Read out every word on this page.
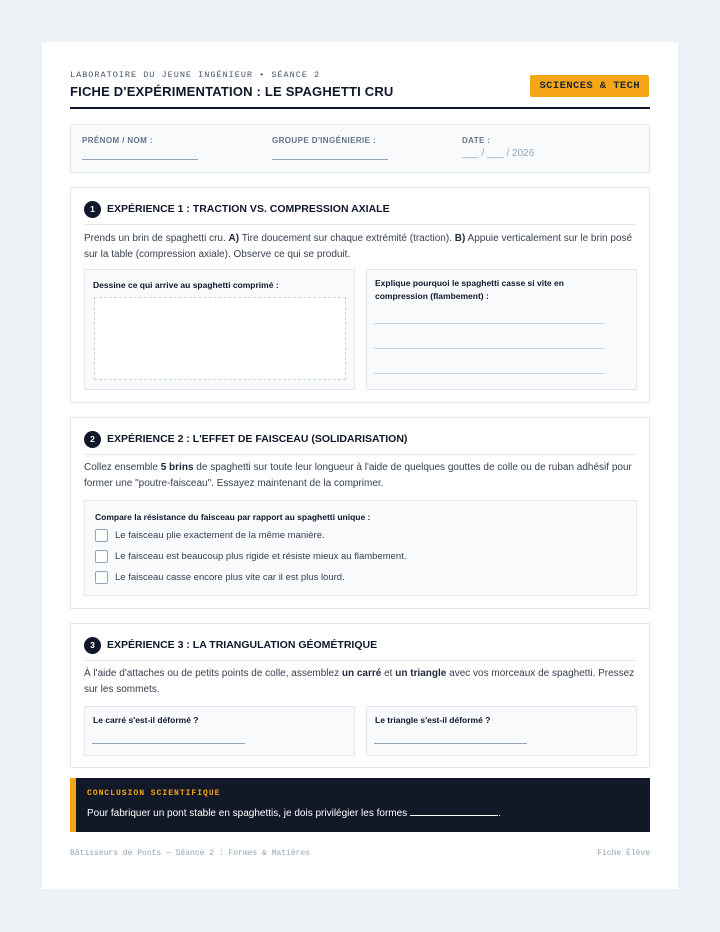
LABORATOIRE DU JEUNE INGÉNIEUR • SÉANCE 2
FICHE D'EXPÉRIMENTATION : LE SPAGHETTI CRU	SCIENCES & TECH
PRÉNOM / NOM :	GROUPE D'INGÉNIERIE :	DATE :
___ / ___ / 2026
1	EXPÉRIENCE 1 : TRACTION VS. COMPRESSION AXIALE
Prends un brin de spaghetti cru. A) Tire doucement sur chaque extrémité (traction). B) Appuie verticalement sur le brin posé sur la table (compression axiale). Observe ce qui se produit.
Dessine ce qui arrive au spaghetti comprimé :	Explique pourquoi le spaghetti casse si vite en compression (flambement) :
2	EXPÉRIENCE 2 : L'EFFET DE FAISCEAU (SOLIDARISATION)
Collez ensemble 5 brins de spaghetti sur toute leur longueur à l'aide de quelques gouttes de colle ou de ruban adhésif pour former une "poutre-faisceau". Essayez maintenant de la comprimer.
Compare la résistance du faisceau par rapport au spaghetti unique :
Le faisceau plie exactement de la même manière.
Le faisceau est beaucoup plus rigide et résiste mieux au flambement.
Le faisceau casse encore plus vite car il est plus lourd.
3	EXPÉRIENCE 3 : LA TRIANGULATION GÉOMÉTRIQUE
À l'aide d'attaches ou de petits points de colle, assemblez un carré et un triangle avec vos morceaux de spaghetti. Pressez sur les sommets.
Le carré s'est-il déformé ?	Le triangle s'est-il déformé ?
CONCLUSION SCIENTIFIQUE
Pour fabriquer un pont stable en spaghettis, je dois privilégier les formes	.
Bâtisseurs de Ponts — Séance 2 : Formes & Matières	Fiche Élève
